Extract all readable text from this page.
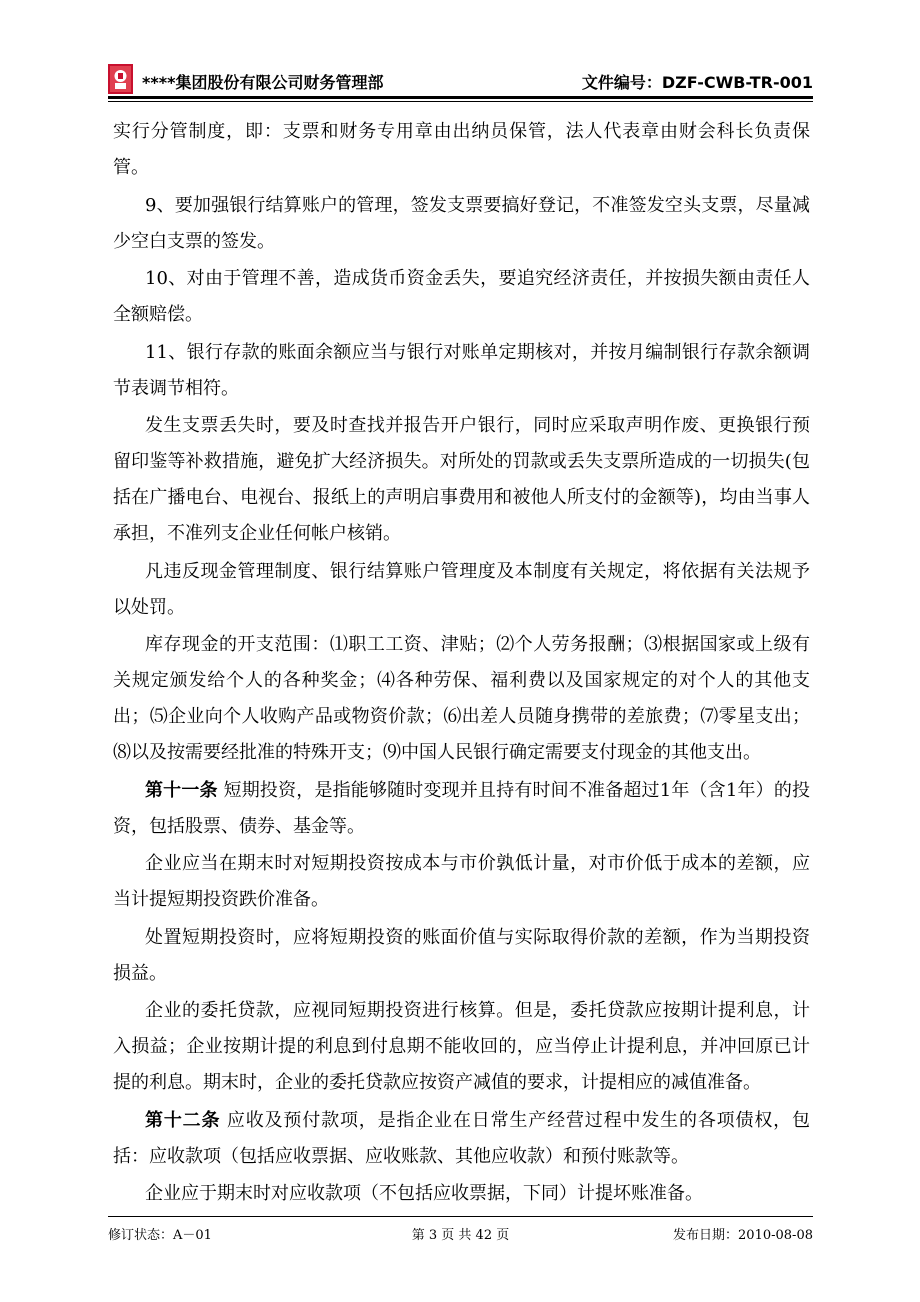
****集团股份有限公司财务管理部	文件编号：DZF-CWB-TR-001

实行分管制度，即：支票和财务专用章由出纳员保管，法人代表章由财会科长负责保管。

9、要加强银行结算账户的管理，签发支票要搞好登记，不准签发空头支票，尽量减少空白支票的签发。

10、对由于管理不善，造成货币资金丢失，要追究经济责任，并按损失额由责任人全额赔偿。

11、银行存款的账面余额应当与银行对账单定期核对，并按月编制银行存款余额调节表调节相符。

发生支票丢失时，要及时查找并报告开户银行，同时应采取声明作废、更换银行预留印鉴等补救措施，避免扩大经济损失。对所处的罚款或丢失支票所造成的一切损失(包括在广播电台、电视台、报纸上的声明启事费用和被他人所支付的金额等)，均由当事人承担，不准列支企业任何帐户核销。

凡违反现金管理制度、银行结算账户管理度及本制度有关规定，将依据有关法规予以处罚。

库存现金的开支范围：⑴职工工资、津贴；⑵个人劳务报酬；⑶根据国家或上级有关规定颁发给个人的各种奖金；⑷各种劳保、福利费以及国家规定的对个人的其他支出；⑸企业向个人收购产品或物资价款；⑹出差人员随身携带的差旅费；⑺零星支出；⑻以及按需要经批准的特殊开支；⑼中国人民银行确定需要支付现金的其他支出。

第十一条 短期投资，是指能够随时变现并且持有时间不准备超过1年（含1年）的投资，包括股票、债券、基金等。

企业应当在期末时对短期投资按成本与市价孰低计量，对市价低于成本的差额，应当计提短期投资跌价准备。

处置短期投资时，应将短期投资的账面价值与实际取得价款的差额，作为当期投资损益。

企业的委托贷款，应视同短期投资进行核算。但是，委托贷款应按期计提利息，计入损益；企业按期计提的利息到付息期不能收回的，应当停止计提利息，并冲回原已计提的利息。期末时，企业的委托贷款应按资产减值的要求，计提相应的减值准备。

第十二条 应收及预付款项，是指企业在日常生产经营过程中发生的各项债权，包括：应收款项（包括应收票据、应收账款、其他应收款）和预付账款等。

企业应于期末时对应收款项（不包括应收票据，下同）计提坏账准备。

修订状态：A－01	第 3 页 共 42 页	发布日期：2010-08-08
